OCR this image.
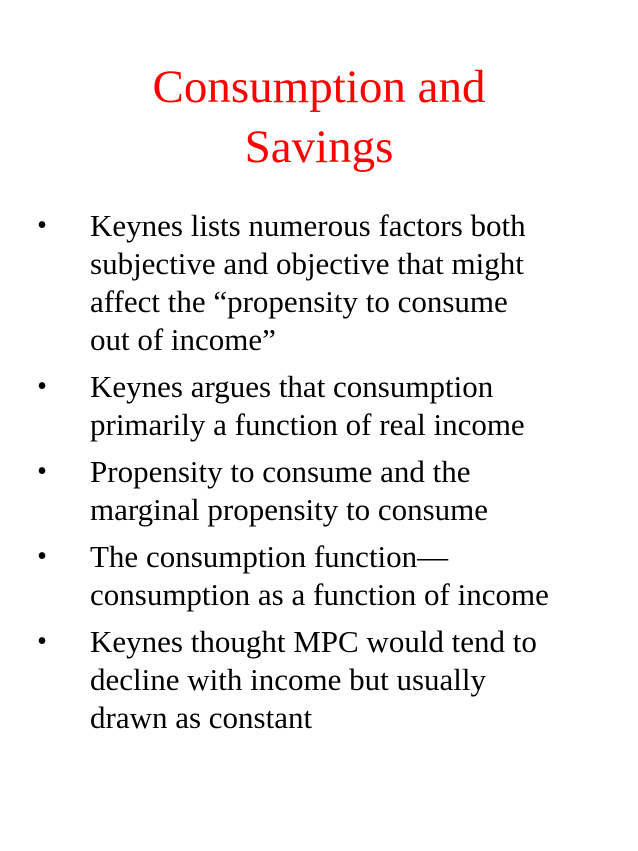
Consumption and
Savings
• Keynes lists numerous factors both
subjective and objective that might
affect the “propensity to consume
out of income”
• Keynes argues that consumption
primarily a function of real income
• Propensity to consume and the
marginal propensity to consume
• The consumption function—
consumption as a function of income
• Keynes thought MPC would tend to
decline with income but usually
drawn as constant
